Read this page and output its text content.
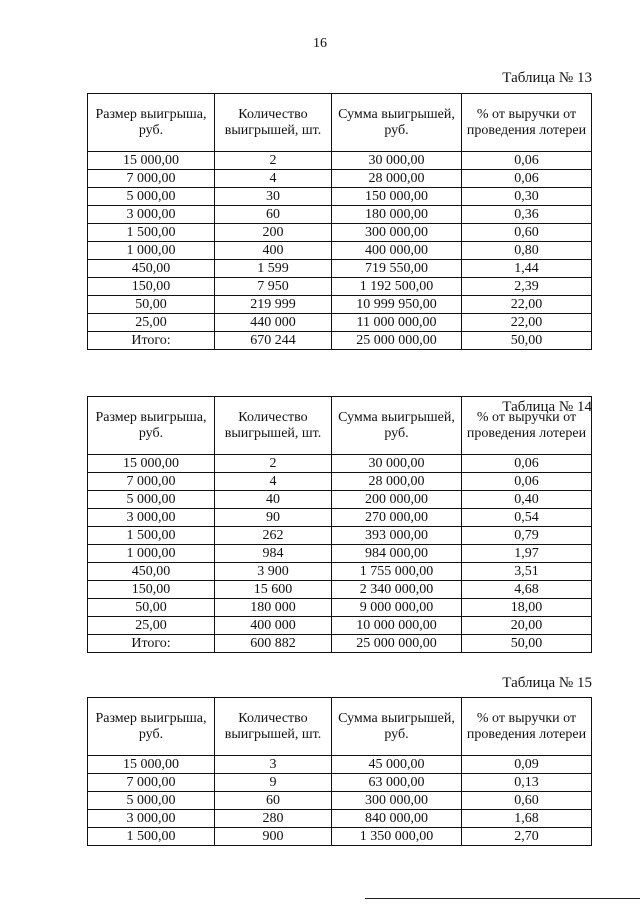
16
Таблица № 13
Размер выигрыша, руб.	Количество выигрышей, шт.	Сумма выигрышей, руб.	% от выручки от проведения лотереи
15 000,00	2	30 000,00	0,06
7 000,00	4	28 000,00	0,06
5 000,00	30	150 000,00	0,30
3 000,00	60	180 000,00	0,36
1 500,00	200	300 000,00	0,60
1 000,00	400	400 000,00	0,80
450,00	1 599	719 550,00	1,44
150,00	7 950	1 192 500,00	2,39
50,00	219 999	10 999 950,00	22,00
25,00	440 000	11 000 000,00	22,00
Итого:	670 244	25 000 000,00	50,00
Таблица № 14
Размер выигрыша, руб.	Количество выигрышей, шт.	Сумма выигрышей, руб.	% от выручки от проведения лотереи
15 000,00	2	30 000,00	0,06
7 000,00	4	28 000,00	0,06
5 000,00	40	200 000,00	0,40
3 000,00	90	270 000,00	0,54
1 500,00	262	393 000,00	0,79
1 000,00	984	984 000,00	1,97
450,00	3 900	1 755 000,00	3,51
150,00	15 600	2 340 000,00	4,68
50,00	180 000	9 000 000,00	18,00
25,00	400 000	10 000 000,00	20,00
Итого:	600 882	25 000 000,00	50,00
Таблица № 15
Размер выигрыша, руб.	Количество выигрышей, шт.	Сумма выигрышей, руб.	% от выручки от проведения лотереи
15 000,00	3	45 000,00	0,09
7 000,00	9	63 000,00	0,13
5 000,00	60	300 000,00	0,60
3 000,00	280	840 000,00	1,68
1 500,00	900	1 350 000,00	2,70
